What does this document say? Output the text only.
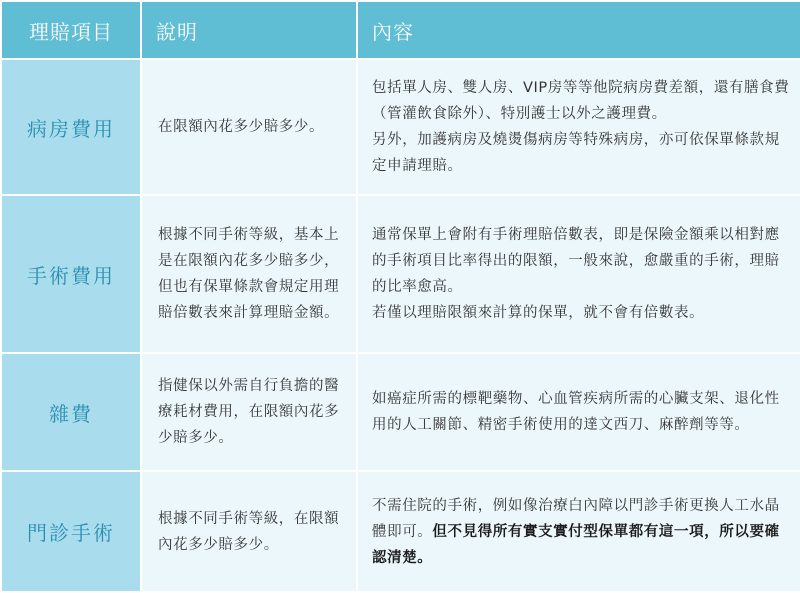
理賠項目	說明	內容
病房費用	在限額內花多少賠多少。	包括單人房、雙人房、VIP房等等他院病房費差額，還有膳食費（管灌飲食除外）、特別護士以外之護理費。
另外，加護病房及燒燙傷病房等特殊病房，亦可依保單條款規定申請理賠。

手術費用	根據不同手術等級，基本上是在限額內花多少賠多少，但也有保單條款會規定用理賠倍數表來計算理賠金額。	通常保單上會附有手術理賠倍數表，即是保險金額乘以相對應的手術項目比率得出的限額，一般來說，愈嚴重的手術，理賠的比率愈高。
若僅以理賠限額來計算的保單，就不會有倍數表。

雜費	指健保以外需自行負擔的醫療耗材費用，在限額內花多少賠多少。	如癌症所需的標靶藥物、心血管疾病所需的心臟支架、退化性用的人工關節、精密手術使用的達文西刀、麻醉劑等等。

門診手術	根據不同手術等級，在限額內花多少賠多少。	不需住院的手術，例如像治療白內障以門診手術更換人工水晶體即可。但不見得所有實支實付型保單都有這一項，所以要確認清楚。
